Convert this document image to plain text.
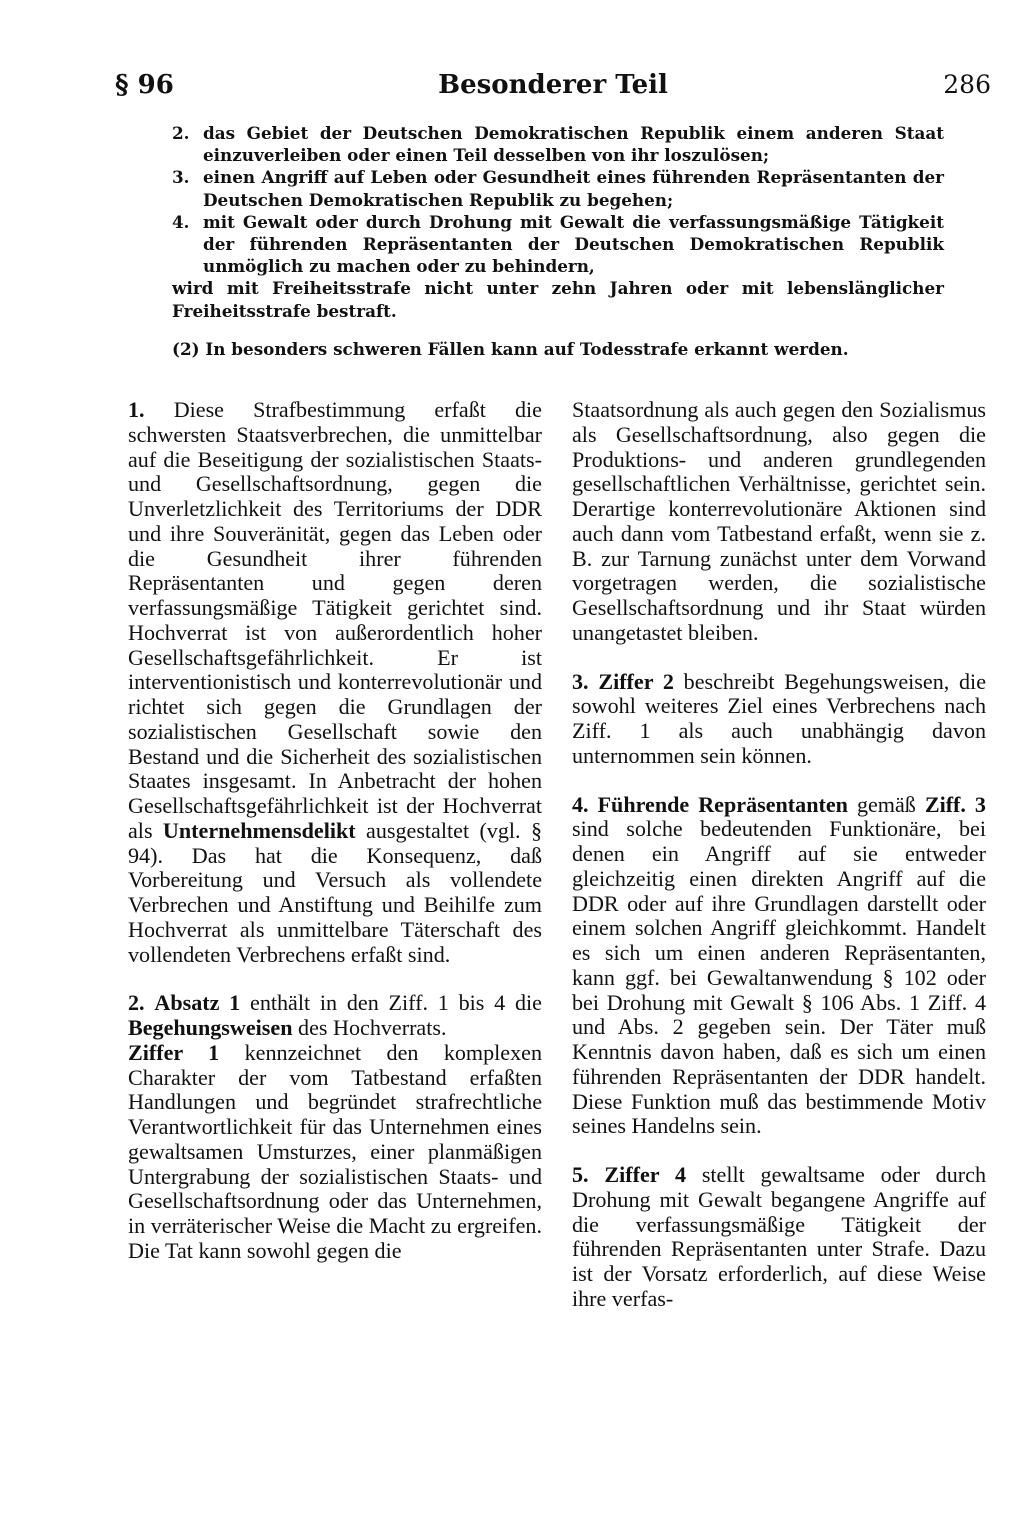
§ 96	Besonderer Teil	286
2. das Gebiet der Deutschen Demokratischen Republik einem anderen Staat einzuverleiben oder einen Teil desselben von ihr loszulösen;
3. einen Angriff auf Leben oder Gesundheit eines führenden Repräsentanten der Deutschen Demokratischen Republik zu begehen;
4. mit Gewalt oder durch Drohung mit Gewalt die verfassungsmäßige Tätigkeit der führenden Repräsentanten der Deutschen Demokratischen Republik unmöglich zu machen oder zu behindern,

wird mit Freiheitsstrafe nicht unter zehn Jahren oder mit lebenslänglicher Freiheitsstrafe bestraft.

(2) In besonders schweren Fällen kann auf Todesstrafe erkannt werden.

1. Diese Strafbestimmung erfaßt die schwersten Staatsverbrechen, die unmittelbar auf die Beseitigung der sozialistischen Staats- und Gesellschaftsordnung, gegen die Unverletzlichkeit des Territoriums der DDR und ihre Souveränität, gegen das Leben oder die Gesundheit ihrer führenden Repräsentanten und gegen deren verfassungsmäßige Tätigkeit gerichtet sind. Hochverrat ist von außerordentlich hoher Gesellschaftsgefährlichkeit. Er ist interventionistisch und konterrevolutionär und richtet sich gegen die Grundlagen der sozialistischen Gesellschaft sowie den Bestand und die Sicherheit des sozialistischen Staates insgesamt. In Anbetracht der hohen Gesellschaftsgefährlichkeit ist der Hochverrat als Unternehmensdelikt ausgestaltet (vgl. § 94). Das hat die Konsequenz, daß Vorbereitung und Versuch als vollendete Verbrechen und Anstiftung und Beihilfe zum Hochverrat als unmittelbare Täterschaft des vollendeten Verbrechens erfaßt sind.

2. Absatz 1 enthält in den Ziff. 1 bis 4 die Begehungsweisen des Hochverrats.

Ziffer 1 kennzeichnet den komplexen Charakter der vom Tatbestand erfaßten Handlungen und begründet strafrechtliche Verantwortlichkeit für das Unternehmen eines gewaltsamen Umsturzes, einer planmäßigen Untergrabung der sozialistischen Staats- und Gesellschaftsordnung oder das Unternehmen, in verräterischer Weise die Macht zu ergreifen. Die Tat kann sowohl gegen die

Staatsordnung als auch gegen den Sozialismus als Gesellschaftsordnung, also gegen die Produktions- und anderen grundlegenden gesellschaftlichen Verhältnisse, gerichtet sein. Derartige konterrevolutionäre Aktionen sind auch dann vom Tatbestand erfaßt, wenn sie z. B. zur Tarnung zunächst unter dem Vorwand vorgetragen werden, die sozialistische Gesellschaftsordnung und ihr Staat würden unangetastet bleiben.

3. Ziffer 2 beschreibt Begehungsweisen, die sowohl weiteres Ziel eines Verbrechens nach Ziff. 1 als auch unabhängig davon unternommen sein können.

4. Führende Repräsentanten gemäß Ziff. 3 sind solche bedeutenden Funktionäre, bei denen ein Angriff auf sie entweder gleichzeitig einen direkten Angriff auf die DDR oder auf ihre Grundlagen darstellt oder einem solchen Angriff gleichkommt. Handelt es sich um einen anderen Repräsentanten, kann ggf. bei Gewaltanwendung § 102 oder bei Drohung mit Gewalt § 106 Abs. 1 Ziff. 4 und Abs. 2 gegeben sein. Der Täter muß Kenntnis davon haben, daß es sich um einen führenden Repräsentanten der DDR handelt. Diese Funktion muß das bestimmende Motiv seines Handelns sein.

5. Ziffer 4 stellt gewaltsame oder durch Drohung mit Gewalt begangene Angriffe auf die verfassungsmäßige Tätigkeit der führenden Repräsentanten unter Strafe. Dazu ist der Vorsatz erforderlich, auf diese Weise ihre verfas-
